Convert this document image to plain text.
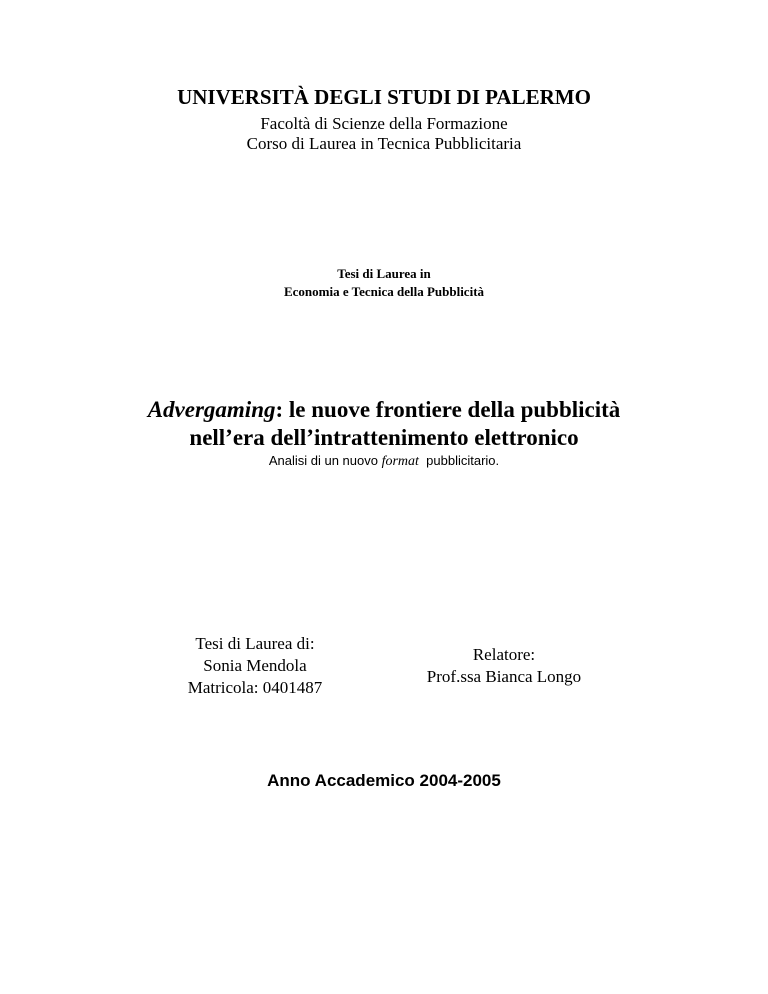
UNIVERSITÀ DEGLI STUDI DI PALERMO
Facoltà di Scienze della Formazione
Corso di Laurea in Tecnica Pubblicitaria
Tesi di Laurea in
Economia e Tecnica della Pubblicità
Advergaming: le nuove frontiere della pubblicità
nell’era dell’intrattenimento elettronico
Analisi di un nuovo format  pubblicitario.
Tesi di Laurea di:
Sonia Mendola
Matricola: 0401487
Relatore:
Prof.ssa Bianca Longo
Anno Accademico 2004-2005
